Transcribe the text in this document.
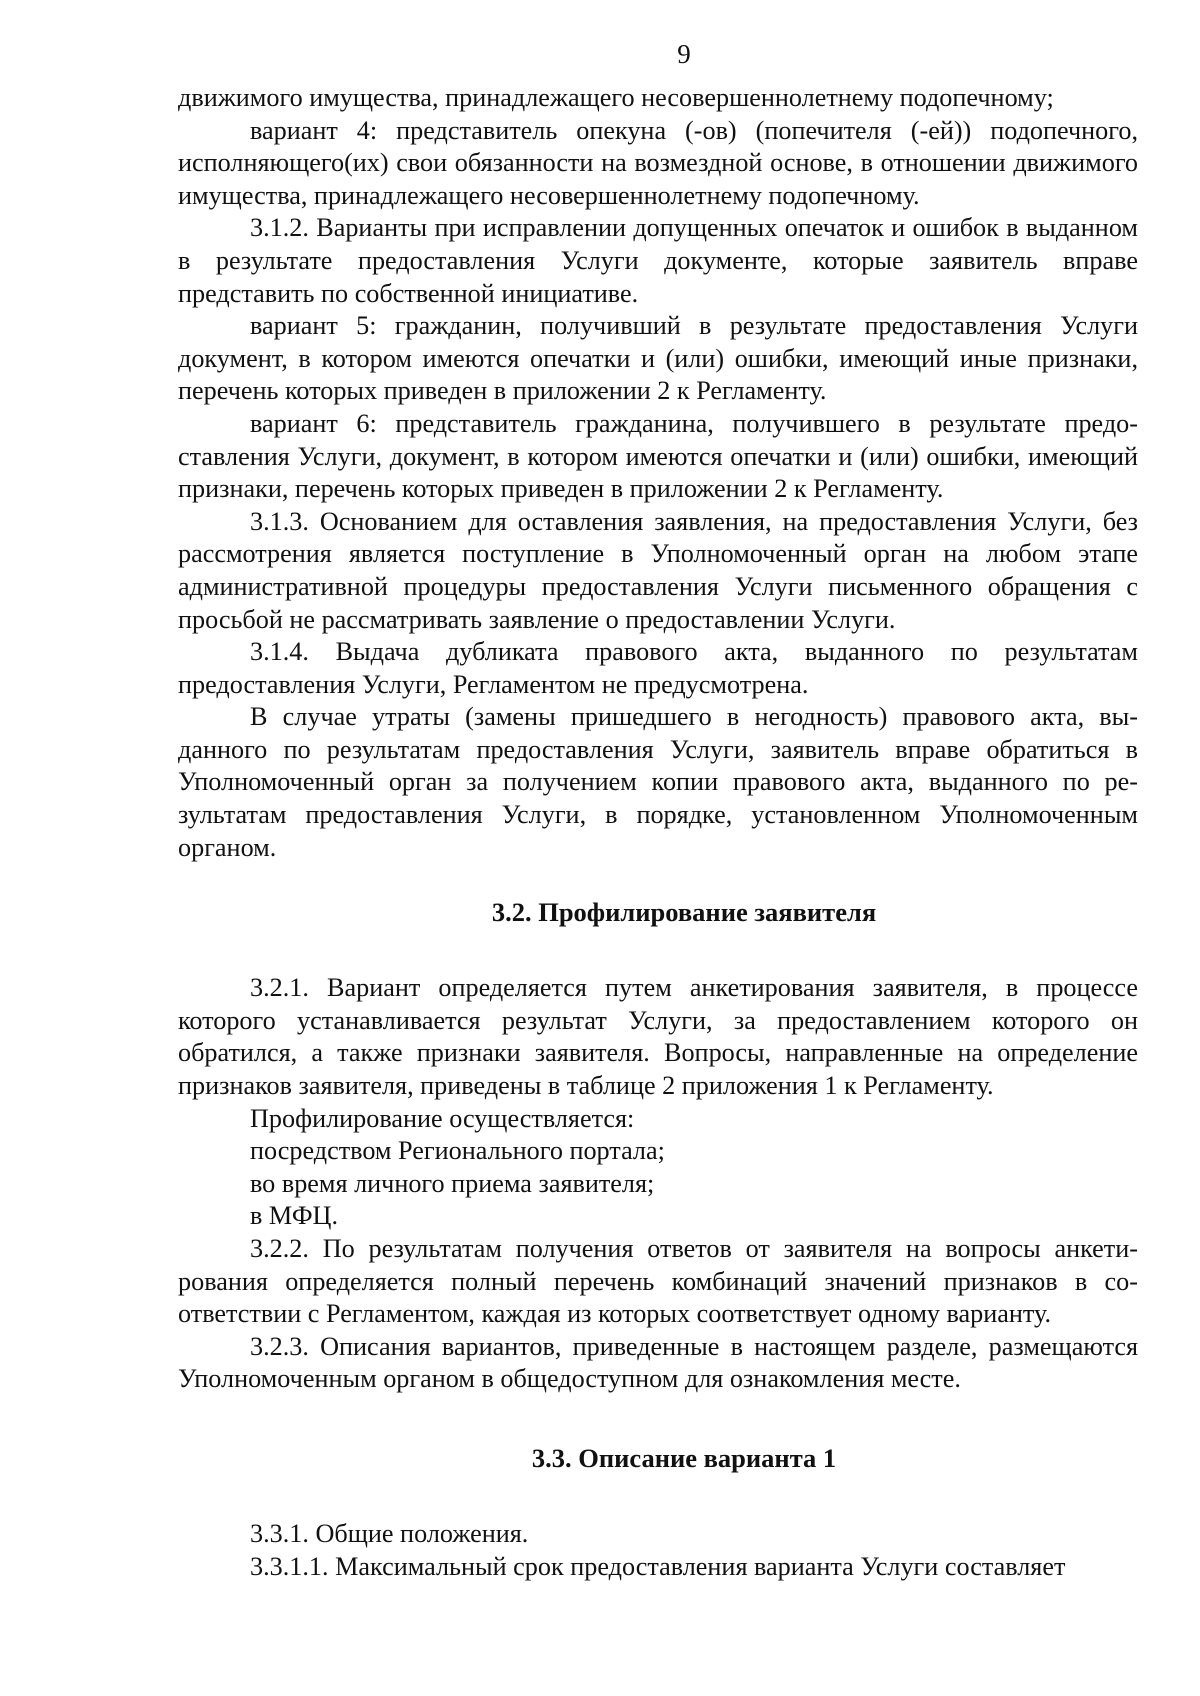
9

движимого имущества, принадлежащего несовершеннолетнему подопечному;

вариант 4: представитель опекуна (-ов) (попечителя (-ей)) подопечного, исполняющего(их) свои обязанности на возмездной основе, в отношении движимого имущества, принадлежащего несовершеннолетнему подопечному.

3.1.2. Варианты при исправлении допущенных опечаток и ошибок в выданном в результате предоставления Услуги документе, которые заявитель вправе представить по собственной инициативе.

вариант 5: гражданин, получивший в результате предоставления Услуги документ, в котором имеются опечатки и (или) ошибки, имеющий иные признаки, перечень которых приведен в приложении 2 к Регламенту.

вариант 6: представитель гражданина, получившего в результате предоставления Услуги, документ, в котором имеются опечатки и (или) ошибки, имеющий признаки, перечень которых приведен в приложении 2 к Регламенту.

3.1.3. Основанием для оставления заявления, на предоставления Услуги, без рассмотрения является поступление в Уполномоченный орган на любом этапе административной процедуры предоставления Услуги письменного обращения с просьбой не рассматривать заявление о предоставлении Услуги.

3.1.4. Выдача дубликата правового акта, выданного по результатам предоставления Услуги, Регламентом не предусмотрена.

В случае утраты (замены пришедшего в негодность) правового акта, выданного по результатам предоставления Услуги, заявитель вправе обратиться в Уполномоченный орган за получением копии правового акта, выданного по результатам предоставления Услуги, в порядке, установленном Уполномоченным органом.

3.2. Профилирование заявителя

3.2.1. Вариант определяется путем анкетирования заявителя, в процессе которого устанавливается результат Услуги, за предоставлением которого он обратился, а также признаки заявителя. Вопросы, направленные на определение признаков заявителя, приведены в таблице 2 приложения 1 к Регламенту.

Профилирование осуществляется:

посредством Регионального портала;

во время личного приема заявителя;

в МФЦ.

3.2.2. По результатам получения ответов от заявителя на вопросы анкетирования определяется полный перечень комбинаций значений признаков в соответствии с Регламентом, каждая из которых соответствует одному варианту.

3.2.3. Описания вариантов, приведенные в настоящем разделе, размещаются Уполномоченным органом в общедоступном для ознакомления месте.

3.3. Описание варианта 1

3.3.1. Общие положения.

3.3.1.1. Максимальный срок предоставления варианта Услуги составляет
